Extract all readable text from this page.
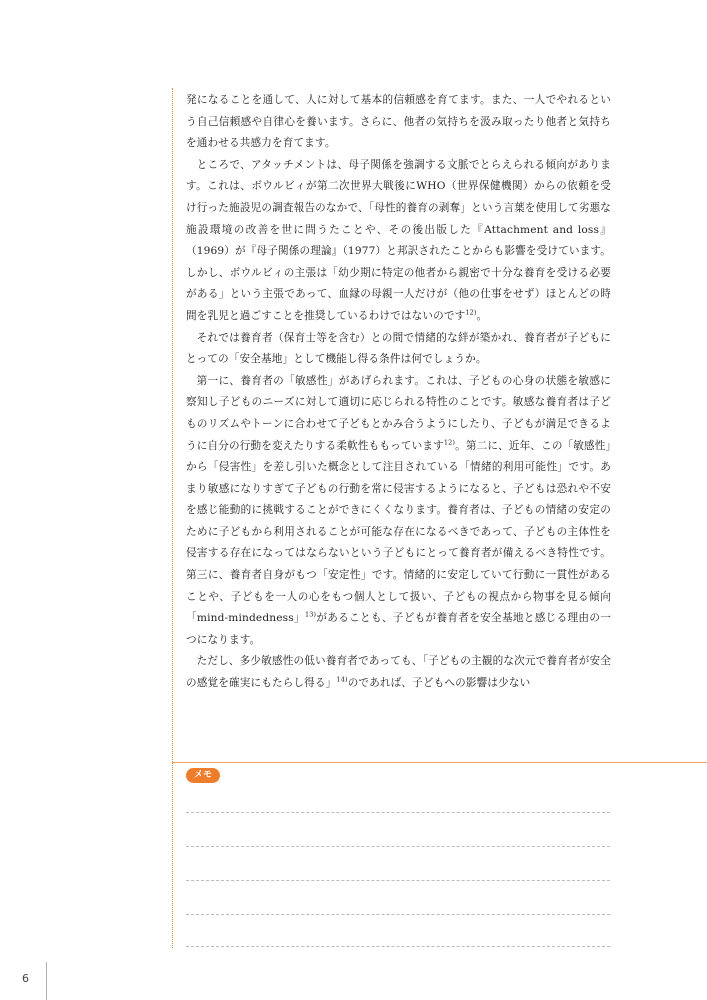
発になることを通して、人に対して基本的信頼感を育てます。また、一人でやれるという自己信頼感や自律心を養います。さらに、他者の気持ちを汲み取ったり他者と気持ちを通わせる共感力を育てます。

ところで、アタッチメントは、母子関係を強調する文脈でとらえられる傾向があります。これは、ボウルビィが第二次世界大戦後にWHO（世界保健機関）からの依頼を受け行った施設児の調査報告のなかで、「母性的養育の剥奪」という言葉を使用して劣悪な施設環境の改善を世に問うたことや、その後出版した『Attachment and loss』（1969）が『母子関係の理論』（1977）と邦訳されたことからも影響を受けています。しかし、ボウルビィの主張は「幼少期に特定の他者から親密で十分な養育を受ける必要がある」という主張であって、血縁の母親一人だけが（他の仕事をせず）ほとんどの時間を乳児と過ごすことを推奨しているわけではないのです$^{12)}$。

それでは養育者（保育士等を含む）との間で情緒的な絆が築かれ、養育者が子どもにとっての「安全基地」として機能し得る条件は何でしょうか。

第一に、養育者の「敏感性」があげられます。これは、子どもの心身の状態を敏感に察知し子どものニーズに対して適切に応じられる特性のことです。敏感な養育者は子どものリズムやトーンに合わせて子どもとかみ合うようにしたり、子どもが満足できるように自分の行動を変えたりする柔軟性ももっています$^{12)}$。第二に、近年、この「敏感性」から「侵害性」を差し引いた概念として注目されている「情緒的利用可能性」です。あまり敏感になりすぎて子どもの行動を常に侵害するようになると、子どもは恐れや不安を感じ能動的に挑戦することができにくくなります。養育者は、子どもの情緒の安定のために子どもから利用されることが可能な存在になるべきであって、子どもの主体性を侵害する存在になってはならないという子どもにとって養育者が備えるべき特性です。第三に、養育者自身がもつ「安定性」です。情緒的に安定していて行動に一貫性があることや、子どもを一人の心をもつ個人として扱い、子どもの視点から物事を見る傾向「mind-mindedness」$^{13)}$があることも、子どもが養育者を安全基地と感じる理由の一つになります。

ただし、多少敏感性の低い養育者であっても、「子どもの主観的な次元で養育者が安全の感覚を確実にもたらし得る」$^{14)}$のであれば、子どもへの影響は少ない

メモ
6
